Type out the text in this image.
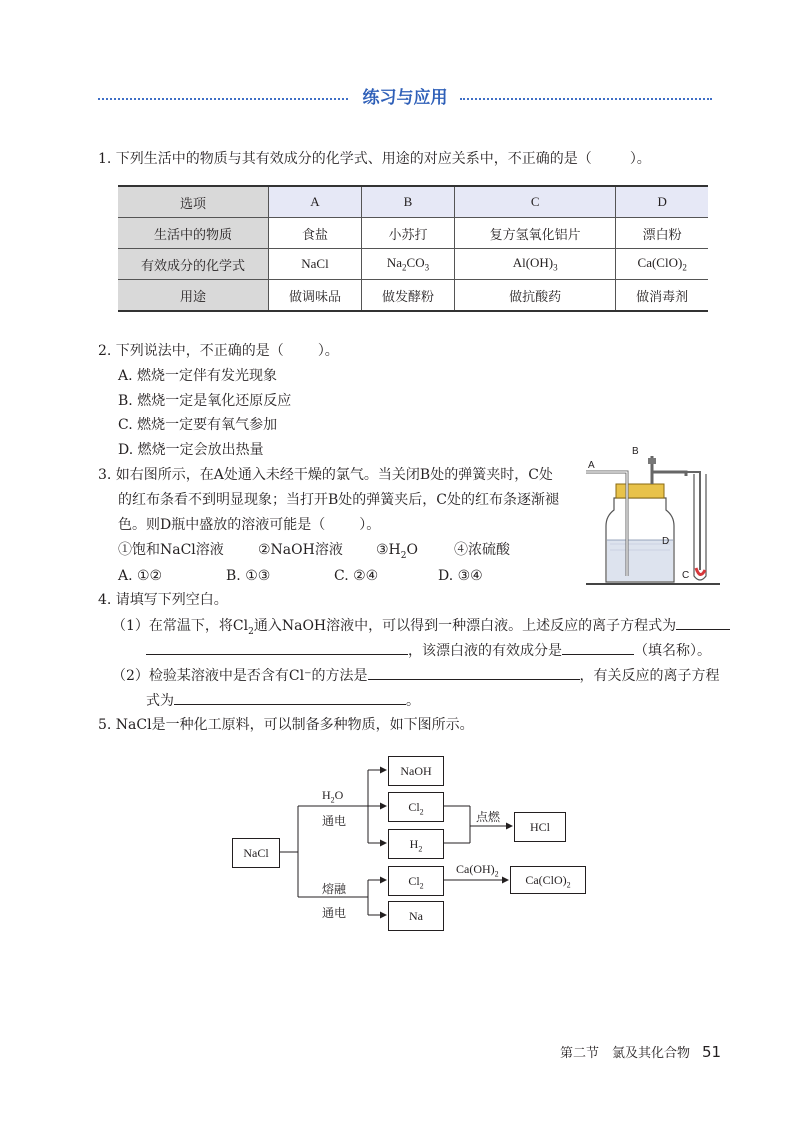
练习与应用
1. 下列生活中的物质与其有效成分的化学式、用途的对应关系中，不正确的是（	）。
选项	A	B	C	D
生活中的物质	食盐	小苏打	复方氢氧化铝片	漂白粉
有效成分的化学式	NaCl	$Na_2CO_3$	$Al(OH)_3$	$Ca(ClO)_2$
用途	做调味品	做发酵粉	做抗酸药	做消毒剂
2. 下列说法中，不正确的是（ ）。
A. 燃烧一定伴有发光现象
B. 燃烧一定是氧化还原反应
C. 燃烧一定要有氧气参加
D. 燃烧一定会放出热量
3. 如右图所示，在A处通入未经干燥的氯气。当关闭B处的弹簧夹时，C处
的红布条看不到明显现象；当打开B处的弹簧夹后，C处的红布条逐渐褪
色。则D瓶中盛放的溶液可能是（ ）。
①饱和NaCl溶液 ②NaOH溶液 $③H_2O$	④浓硫酸
A. ①②	B. ①③	C. ②④	D. ③④
A
B
C
D
4. 请填写下列空白。
（1）在常温下，将$Cl_2$通入NaOH溶液中，可以得到一种漂白液。上述反应的离子方程式为
，该漂白液的有效成分是	（填名称）。
（2）检验某溶液中是否含有Cl⁻的方法是	，有关反应的离子方程
式为	。
5. NaCl是一种化工原料，可以制备多种物质，如下图所示。
NaCl
NaOH
$Cl_2$
$H_2$
HCl
$Cl_2$
Na
$Ca(ClO)_2$
$H_2O$
通电	点燃
熔融
通电
$Ca(OH)_2$
第二节　氯及其化合物 51
